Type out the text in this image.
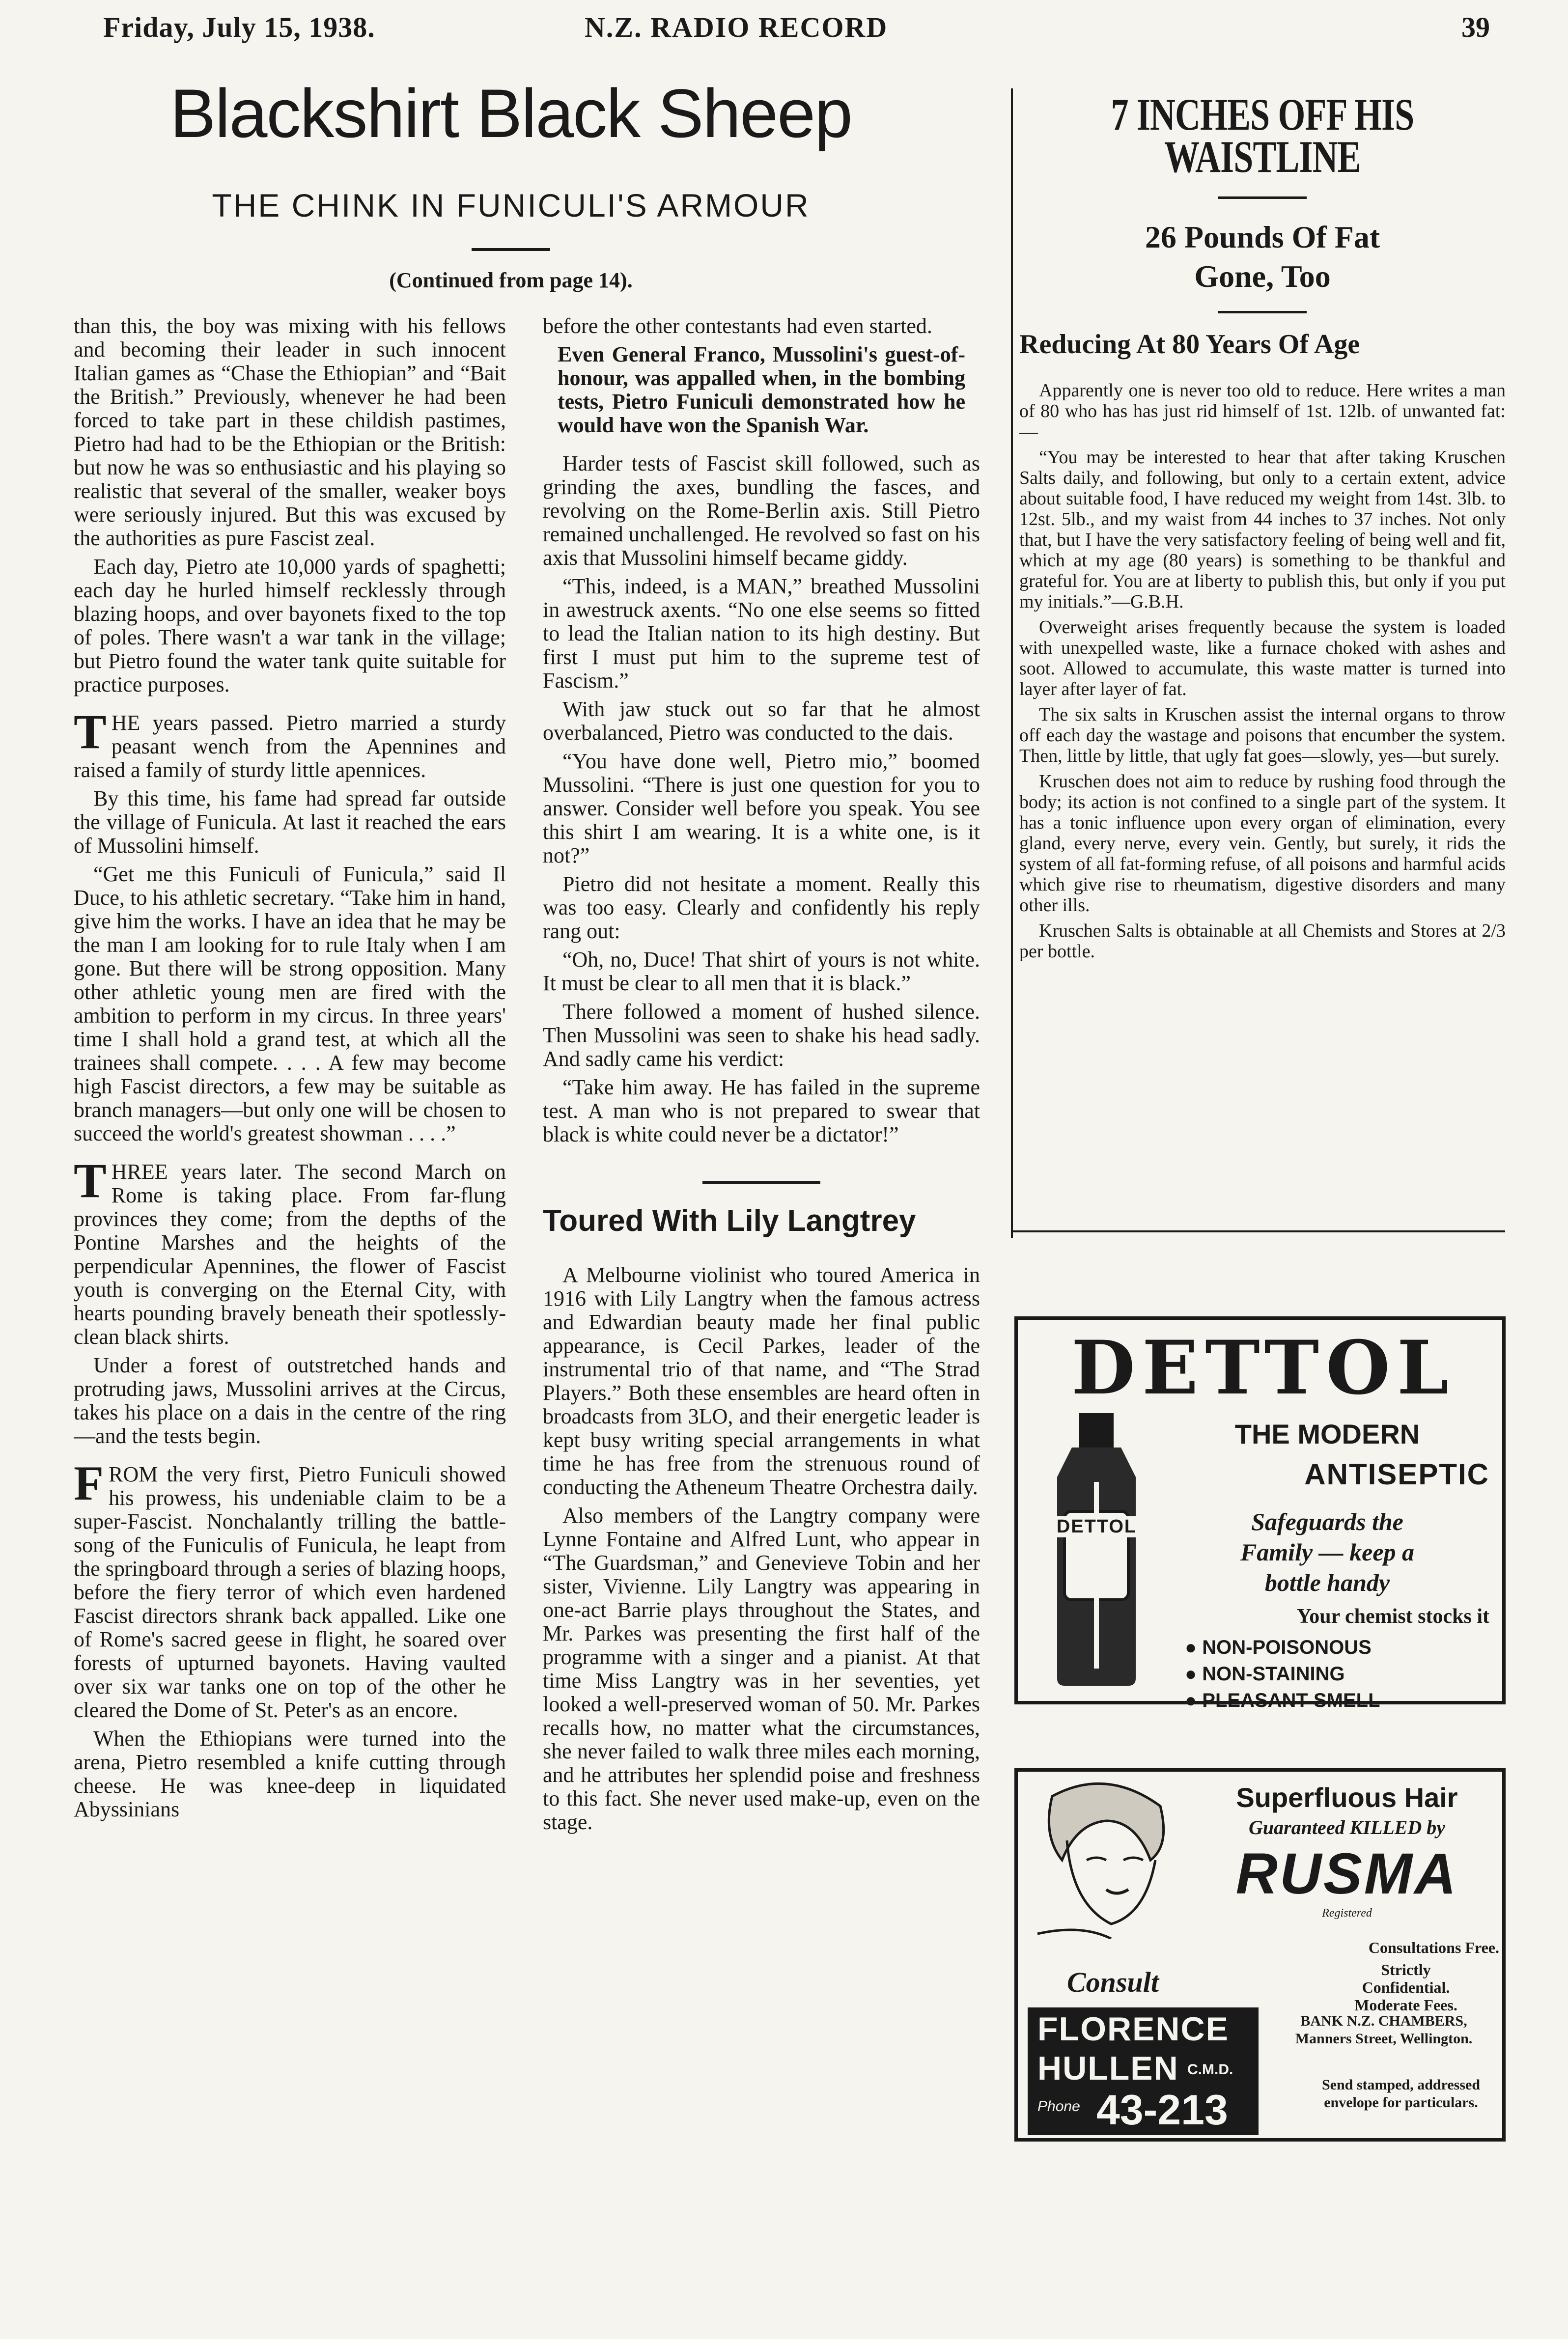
Friday, July 15, 1938.	N.Z. RADIO RECORD	39
Blackshirt Black Sheep
THE CHINK IN FUNICULI'S ARMOUR
(Continued from page 14).

than this, the boy was mixing with his fellows and becoming their leader in such innocent Italian games as “Chase the Ethiopian” and “Bait the British.” Previously, whenever he had been forced to take part in these childish pastimes, Pietro had had to be the Ethiopian or the British: but now he was so enthusiastic and his playing so realistic that several of the smaller, weaker boys were seriously injured. But this was excused by the authorities as pure Fascist zeal.

Each day, Pietro ate 10,000 yards of spaghetti; each day he hurled himself recklessly through blazing hoops, and over bayonets fixed to the top of poles. There wasn't a war tank in the village; but Pietro found the water tank quite suitable for practice purposes.

THE years passed. Pietro married a sturdy peasant wench from the Apennines and raised a family of sturdy little apennices.

By this time, his fame had spread far outside the village of Funicula. At last it reached the ears of Mussolini himself.

“Get me this Funiculi of Funicula,” said Il Duce, to his athletic secretary. “Take him in hand, give him the works. I have an idea that he may be the man I am looking for to rule Italy when I am gone. But there will be strong opposition. Many other athletic young men are fired with the ambition to perform in my circus. In three years' time I shall hold a grand test, at which all the trainees shall compete. . . . A few may become high Fascist directors, a few may be suitable as branch managers—but only one will be chosen to succeed the world's greatest showman . . . .”

THREE years later. The second March on Rome is taking place. From far-flung provinces they come; from the depths of the Pontine Marshes and the heights of the perpendicular Apennines, the flower of Fascist youth is converging on the Eternal City, with hearts pounding bravely beneath their spotlessly-clean black shirts.

Under a forest of outstretched hands and protruding jaws, Mussolini arrives at the Circus, takes his place on a dais in the centre of the ring—and the tests begin.

FROM the very first, Pietro Funiculi showed his prowess, his undeniable claim to be a super-Fascist. Nonchalantly trilling the battle-song of the Funiculis of Funicula, he leapt from the springboard through a series of blazing hoops, before the fiery terror of which even hardened Fascist directors shrank back appalled. Like one of Rome's sacred geese in flight, he soared over forests of upturned bayonets. Having vaulted over six war tanks one on top of the other he cleared the Dome of St. Peter's as an encore.

When the Ethiopians were turned into the arena, Pietro resembled a knife cutting through cheese. He was knee-deep in liquidated Abyssinians

before the other contestants had even started.

Even General Franco, Mussolini's guest-of-honour, was appalled when, in the bombing tests, Pietro Funiculi demonstrated how he would have won the Spanish War.

Harder tests of Fascist skill followed, such as grinding the axes, bundling the fasces, and revolving on the Rome-Berlin axis. Still Pietro remained unchallenged. He revolved so fast on his axis that Mussolini himself became giddy.

“This, indeed, is a MAN,” breathed Mussolini in awestruck axents. “No one else seems so fitted to lead the Italian nation to its high destiny. But first I must put him to the supreme test of Fascism.”

With jaw stuck out so far that he almost overbalanced, Pietro was conducted to the dais.

“You have done well, Pietro mio,” boomed Mussolini. “There is just one question for you to answer. Consider well before you speak. You see this shirt I am wearing. It is a white one, is it not?”

Pietro did not hesitate a moment. Really this was too easy. Clearly and confidently his reply rang out:

“Oh, no, Duce! That shirt of yours is not white. It must be clear to all men that it is black.”

There followed a moment of hushed silence. Then Mussolini was seen to shake his head sadly. And sadly came his verdict:

“Take him away. He has failed in the supreme test. A man who is not prepared to swear that black is white could never be a dictator!”

Toured With Lily Langtrey

A Melbourne violinist who toured America in 1916 with Lily Langtry when the famous actress and Edwardian beauty made her final public appearance, is Cecil Parkes, leader of the instrumental trio of that name, and “The Strad Players.” Both these ensembles are heard often in broadcasts from 3LO, and their energetic leader is kept busy writing special arrangements in what time he has free from the strenuous round of conducting the Atheneum Theatre Orchestra daily.

Also members of the Langtry company were Lynne Fontaine and Alfred Lunt, who appear in “The Guardsman,” and Genevieve Tobin and her sister, Vivienne. Lily Langtry was appearing in one-act Barrie plays throughout the States, and Mr. Parkes was presenting the first half of the programme with a singer and a pianist. At that time Miss Langtry was in her seventies, yet looked a well-preserved woman of 50. Mr. Parkes recalls how, no matter what the circumstances, she never failed to walk three miles each morning, and he attributes her splendid poise and freshness to this fact. She never used make-up, even on the stage.

7 INCHES OFF HIS WAISTLINE
26 Pounds Of Fat Gone, Too
Reducing At 80 Years Of Age

Apparently one is never too old to reduce. Here writes a man of 80 who has has just rid himself of 1st. 12lb. of unwanted fat:—

“You may be interested to hear that after taking Kruschen Salts daily, and following, but only to a certain extent, advice about suitable food, I have reduced my weight from 14st. 3lb. to 12st. 5lb., and my waist from 44 inches to 37 inches. Not only that, but I have the very satisfactory feeling of being well and fit, which at my age (80 years) is something to be thankful and grateful for. You are at liberty to publish this, but only if you put my initials.”—G.B.H.

Overweight arises frequently because the system is loaded with unexpelled waste, like a furnace choked with ashes and soot. Allowed to accumulate, this waste matter is turned into layer after layer of fat.

The six salts in Kruschen assist the internal organs to throw off each day the wastage and poisons that encumber the system. Then, little by little, that ugly fat goes—slowly, yes—but surely.

Kruschen does not aim to reduce by rushing food through the body; its action is not confined to a single part of the system. It has a tonic influence upon every organ of elimination, every gland, every nerve, every vein. Gently, but surely, it rids the system of all fat-forming refuse, of all poisons and harmful acids which give rise to rheumatism, digestive disorders and many other ills.

Kruschen Salts is obtainable at all Chemists and Stores at 2/3 per bottle.

DETTOL
DETTOL
THE MODERN
ANTISEPTIC
Safeguards the
Family — keep a
bottle handy
Your chemist stocks it
● NON-POISONOUS
● NON-STAINING
● PLEASANT SMELL
Superfluous Hair
Guaranteed KILLED by
RUSMA
Registered
Consultations Free.
Strictly Confidential. Moderate Fees.
Consult
FLORENCE
HULLEN C.M.D.
Phone 43-213
BANK N.Z. CHAMBERS, Manners Street, Wellington.
Send stamped, addressed envelope for particulars.
